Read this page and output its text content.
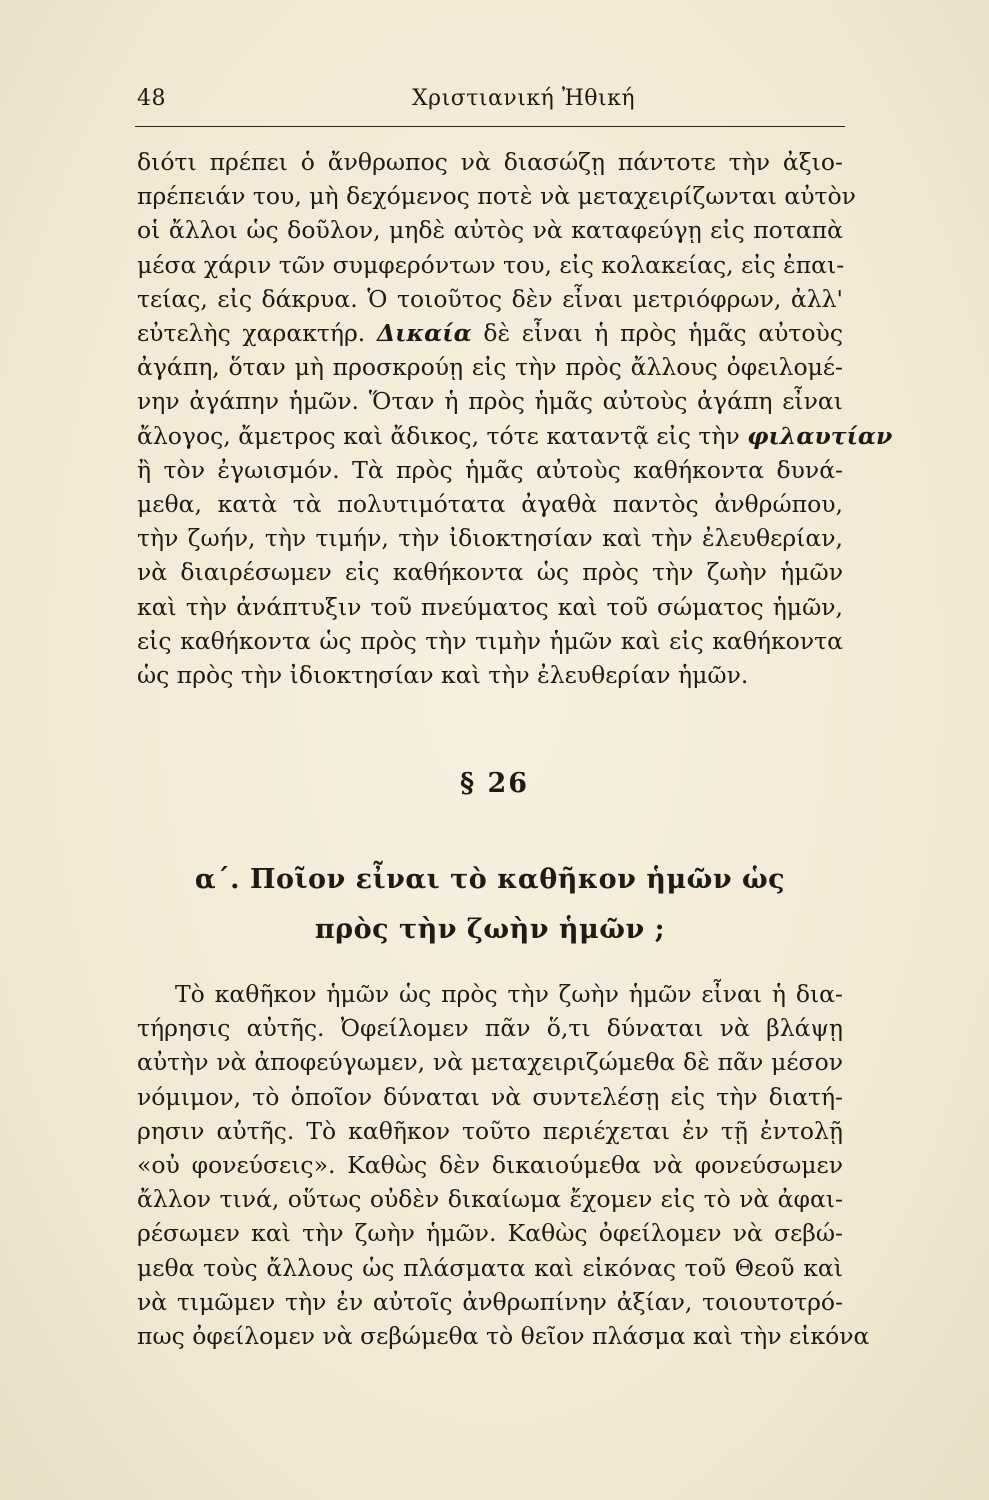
48	Χριστιανική Ἠθική
διότι πρέπει ὁ ἄνθρωπος νὰ διασώζῃ πάντοτε τὴν ἀξιο-
πρέπειάν του, μὴ δεχόμενος ποτὲ νὰ μεταχειρίζωνται αὐτὸν
οἱ ἄλλοι ὡς δοῦλον, μηδὲ αὐτὸς νὰ καταφεύγῃ εἰς ποταπὰ
μέσα χάριν τῶν συμφερόντων του, εἰς κολακείας, εἰς ἐπαι-
τείας, εἰς δάκρυα. Ὁ τοιοῦτος δὲν εἶναι μετριόφρων, ἀλλ'
εὐτελὴς χαρακτήρ. Δικαία δὲ εἶναι ἡ πρὸς ἡμᾶς αὐτοὺς
ἀγάπη, ὅταν μὴ προσκρούῃ εἰς τὴν πρὸς ἄλλους ὀφειλομέ-
νην ἀγάπην ἡμῶν. Ὅταν ἡ πρὸς ἡμᾶς αὐτοὺς ἀγάπη εἶναι
ἄλογος, ἄμετρος καὶ ἄδικος, τότε καταντᾷ εἰς τὴν φιλαυτίαν
ἢ τὸν ἐγωισμόν. Τὰ πρὸς ἡμᾶς αὐτοὺς καθήκοντα δυνά-
μεθα, κατὰ τὰ πολυτιμότατα ἀγαθὰ παντὸς ἀνθρώπου,
τὴν ζωήν, τὴν τιμήν, τὴν ἰδιοκτησίαν καὶ τὴν ἐλευθερίαν,
νὰ διαιρέσωμεν εἰς καθήκοντα ὡς πρὸς τὴν ζωὴν ἡμῶν
καὶ τὴν ἀνάπτυξιν τοῦ πνεύματος καὶ τοῦ σώματος ἡμῶν,
εἰς καθήκοντα ὡς πρὸς τὴν τιμὴν ἡμῶν καὶ εἰς καθήκοντα
ὡς πρὸς τὴν ἰδιοκτησίαν καὶ τὴν ἐλευθερίαν ἡμῶν.
§ 26
α΄. Ποῖον εἶναι τὸ καθῆκον ἡμῶν ὡς
πρὸς τὴν ζωὴν ἡμῶν ;
Τὸ καθῆκον ἡμῶν ὡς πρὸς τὴν ζωὴν ἡμῶν εἶναι ἡ δια-
τήρησις αὐτῆς. Ὀφείλομεν πᾶν ὅ,τι δύναται νὰ βλάψῃ
αὐτὴν νὰ ἀποφεύγωμεν, νὰ μεταχειριζώμεθα δὲ πᾶν μέσον
νόμιμον, τὸ ὁποῖον δύναται νὰ συντελέσῃ εἰς τὴν διατή-
ρησιν αὐτῆς. Τὸ καθῆκον τοῦτο περιέχεται ἐν τῇ ἐντολῇ
«οὐ φονεύσεις». Καθὼς δὲν δικαιούμεθα νὰ φονεύσωμεν
ἄλλον τινά, οὕτως οὐδὲν δικαίωμα ἔχομεν εἰς τὸ νὰ ἀφαι-
ρέσωμεν καὶ τὴν ζωὴν ἡμῶν. Καθὼς ὀφείλομεν νὰ σεβώ-
μεθα τοὺς ἄλλους ὡς πλάσματα καὶ εἰκόνας τοῦ Θεοῦ καὶ
νὰ τιμῶμεν τὴν ἐν αὐτοῖς ἀνθρωπίνην ἀξίαν, τοιουτοτρό-
πως ὀφείλομεν νὰ σεβώμεθα τὸ θεῖον πλάσμα καὶ τὴν εἰκόνα
